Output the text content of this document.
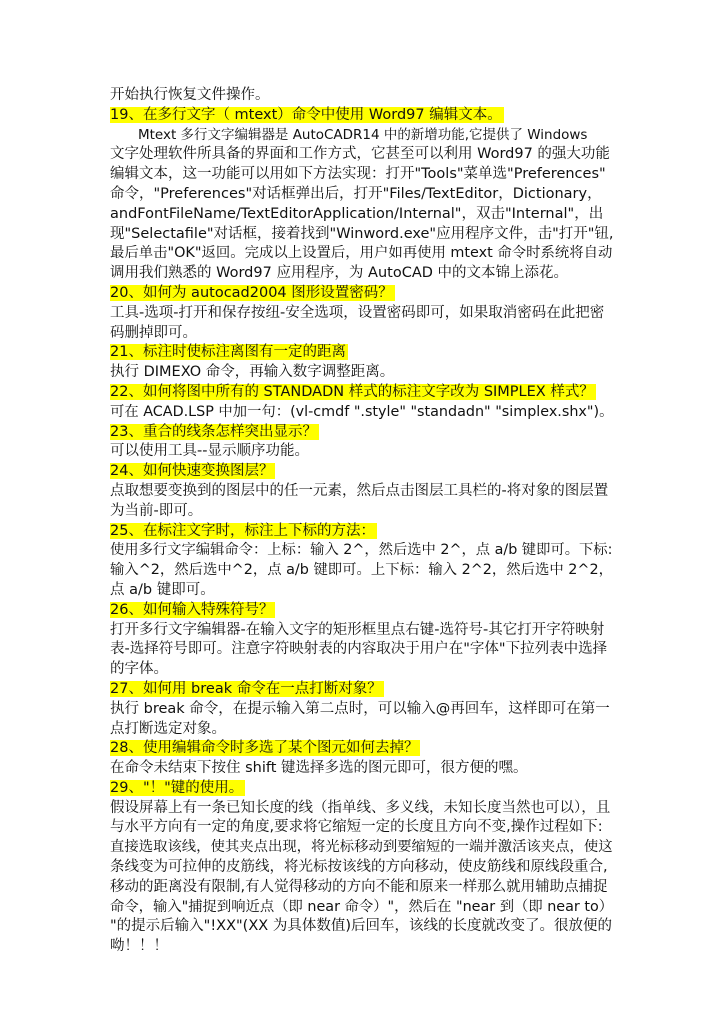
开始执行恢复文件操作。
19、在多行文字（ mtext）命令中使用 Word97 编辑文本。
Mtext 多行文字编辑器是 AutoCADR14 中的新增功能,它提供了 Windows
文字处理软件所具备的界面和工作方式，它甚至可以利用 Word97 的强大功能
编辑文本，这一功能可以用如下方法实现：打开"Tools"菜单选"Preferences"
命令，"Preferences"对话框弹出后，打开"Files/TextEditor，Dictionary，
andFontFileName/TextEditorApplication/Internal"，双击"Internal"，出
现"Selectafile"对话框，接着找到"Winword.exe"应用程序文件，击"打开"钮,
最后单击"OK"返回。完成以上设置后，用户如再使用 mtext 命令时系统将自动
调用我们熟悉的 Word97 应用程序，为 AutoCAD 中的文本锦上添花。
20、如何为 autocad2004 图形设置密码？
工具-选项-打开和保存按纽-安全选项，设置密码即可，如果取消密码在此把密
码删掉即可。
21、标注时使标注离图有一定的距离
执行 DIMEXO 命令，再输入数字调整距离。
22、如何将图中所有的 STANDADN 样式的标注文字改为 SIMPLEX 样式？
可在 ACAD.LSP 中加一句：(vl-cmdf ".style" "standadn" "simplex.shx")。
23、重合的线条怎样突出显示？
可以使用工具--显示顺序功能。
24、如何快速变换图层？
点取想要变换到的图层中的任一元素，然后点击图层工具栏的-将对象的图层置
为当前-即可。
25、在标注文字时，标注上下标的方法：
使用多行文字编辑命令：上标：输入 2^，然后选中 2^，点 a/b 键即可。下标:
输入^2，然后选中^2，点 a/b 键即可。上下标：输入 2^2，然后选中 2^2，
点 a/b 键即可。
26、如何输入特殊符号？
打开多行文字编辑器-在输入文字的矩形框里点右键-选符号-其它打开字符映射
表-选择符号即可。注意字符映射表的内容取决于用户在"字体"下拉列表中选择
的字体。
27、如何用 break 命令在一点打断对象？
执行 break 命令，在提示输入第二点时，可以输入@再回车，这样即可在第一
点打断选定对象。
28、使用编辑命令时多选了某个图元如何去掉？
在命令未结束下按住 shift 键选择多选的图元即可，很方便的嘿。
29、"！"键的使用。
假设屏幕上有一条已知长度的线（指单线、多义线，未知长度当然也可以），且
与水平方向有一定的角度,要求将它缩短一定的长度且方向不变,操作过程如下:
直接选取该线，使其夹点出现，将光标移动到要缩短的一端并激活该夹点，使这
条线变为可拉伸的皮筋线，将光标按该线的方向移动，使皮筋线和原线段重合,
移动的距离没有限制,有人觉得移动的方向不能和原来一样那么就用辅助点捕捉
命令，输入"捕捉到响近点（即 near 命令）"，然后在 "near 到（即 near to）
"的提示后输入"!XX"(XX 为具体数值)后回车，该线的长度就改变了。很放便的
呦！！！
